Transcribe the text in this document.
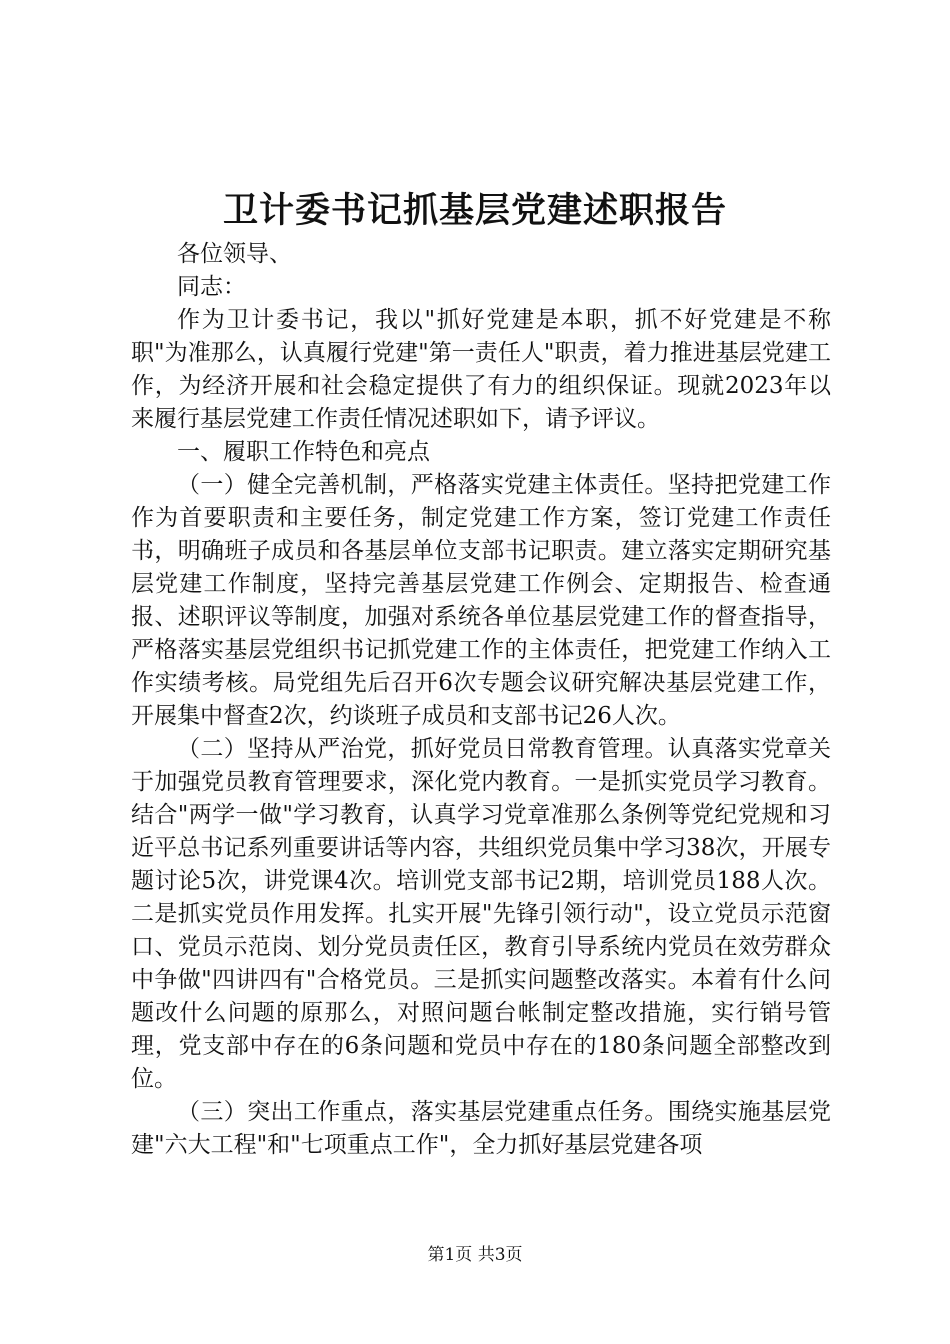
卫计委书记抓基层党建述职报告

各位领导、

同志：

作为卫计委书记，我以"抓好党建是本职，抓不好党建是不称职"为准那么，认真履行党建"第一责任人"职责，着力推进基层党建工作，为经济开展和社会稳定提供了有力的组织保证。现就2023年以来履行基层党建工作责任情况述职如下，请予评议。

一、履职工作特色和亮点

（一）健全完善机制，严格落实党建主体责任。坚持把党建工作作为首要职责和主要任务，制定党建工作方案，签订党建工作责任书，明确班子成员和各基层单位支部书记职责。建立落实定期研究基层党建工作制度，坚持完善基层党建工作例会、定期报告、检查通报、述职评议等制度，加强对系统各单位基层党建工作的督查指导，严格落实基层党组织书记抓党建工作的主体责任，把党建工作纳入工作实绩考核。局党组先后召开6次专题会议研究解决基层党建工作，开展集中督查2次，约谈班子成员和支部书记26人次。

（二）坚持从严治党，抓好党员日常教育管理。认真落实党章关于加强党员教育管理要求，深化党内教育。一是抓实党员学习教育。结合"两学一做"学习教育，认真学习党章准那么条例等党纪党规和习近平总书记系列重要讲话等内容，共组织党员集中学习38次，开展专题讨论5次，讲党课4次。培训党支部书记2期，培训党员188人次。二是抓实党员作用发挥。扎实开展"先锋引领行动"，设立党员示范窗口、党员示范岗、划分党员责任区，教育引导系统内党员在效劳群众中争做"四讲四有"合格党员。三是抓实问题整改落实。本着有什么问题改什么问题的原那么，对照问题台帐制定整改措施，实行销号管理，党支部中存在的6条问题和党员中存在的180条问题全部整改到位。

（三）突出工作重点，落实基层党建重点任务。围绕实施基层党建"六大工程"和"七项重点工作"，全力抓好基层党建各项

第1页 共3页
